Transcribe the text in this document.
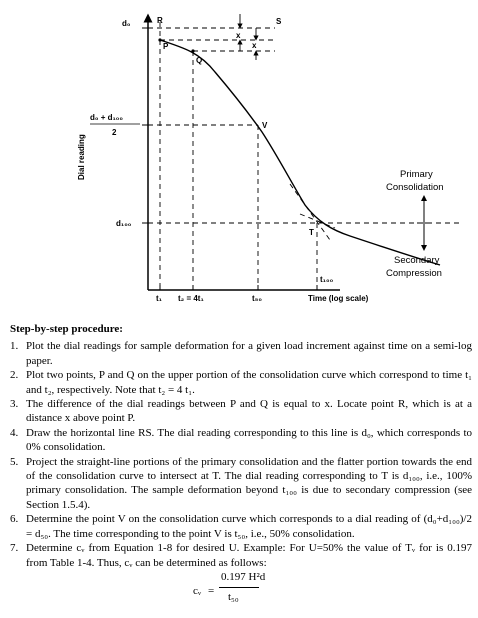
d₀	R	S
x
x
P
Q
V
T
d₀ + d₁₀₀
2
Dial reading
d₁₀₀
Primary
Consolidation
Secondary
Compression
t₁₀₀
t₁ t₂ = 4t₁	t₅₀	Time (log scale)
Step-by-step procedure:
1. Plot the dial readings for sample deformation for a given load increment against time on a semi-log paper.
2. Plot two points, P and Q on the upper portion of the consolidation curve which correspond to time t₁ and t₂, respectively. Note that t₂ = 4 t₁.
3. The difference of the dial readings between P and Q is equal to x. Locate point R, which is at a distance x above point P.
4. Draw the horizontal line RS. The dial reading corresponding to this line is d₀, which corresponds to 0% consolidation.
5. Project the straight-line portions of the primary consolidation and the flatter portion towards the end of the consolidation curve to intersect at T. The dial reading corresponding to T is d₁₀₀, i.e., 100% primary consolidation. The sample deformation beyond t₁₀₀ is due to secondary compression (see Section 1.5.4).
6. Determine the point V on the consolidation curve which corresponds to a dial reading of (d₀+d₁₀₀)/2 = d₅₀. The time corresponding to the point V is t₅₀, i.e., 50% consolidation.
7. Determine cᵥ from Equation 1-8 for desired U. Example: For U=50% the value of Tᵥ for is 0.197 from Table 1-4. Thus, cᵥ can be determined as follows:
cᵥ =
0.197 H²d
t₅₀
